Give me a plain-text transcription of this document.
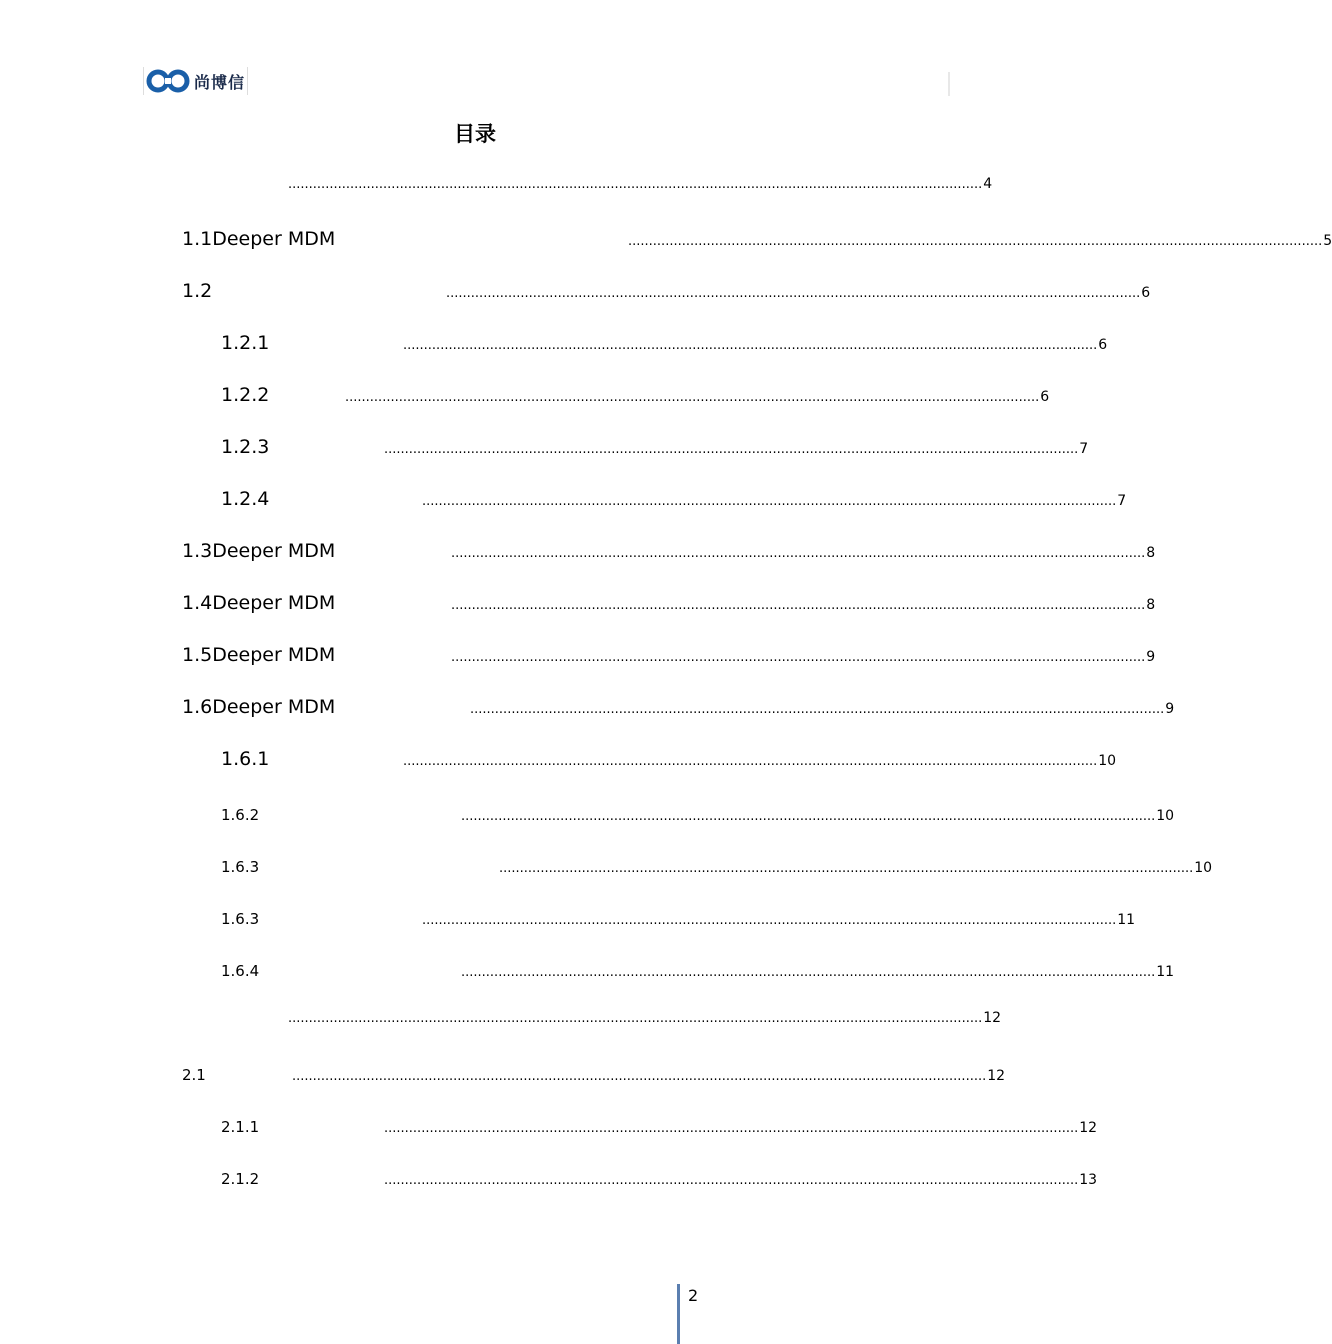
尚博信
目录
........................................................................................................................................................................ 4
1.1Deeper MDM	........................................................................................................................................................................ 5
1.2	........................................................................................................................................................................ 6
1.2.1	........................................................................................................................................................................ 6
1.2.2	........................................................................................................................................................................ 6
1.2.3	........................................................................................................................................................................ 7
1.2.4	........................................................................................................................................................................ 7
1.3Deeper MDM	........................................................................................................................................................................ 8
1.4Deeper MDM	........................................................................................................................................................................ 8
1.5Deeper MDM	........................................................................................................................................................................ 9
1.6Deeper MDM	........................................................................................................................................................................ 9
1.6.1	........................................................................................................................................................................ 10
1.6.2	........................................................................................................................................................................ 10
1.6.3	........................................................................................................................................................................ 10
1.6.3	........................................................................................................................................................................ 11
1.6.4	........................................................................................................................................................................ 11
........................................................................................................................................................................ 12
2.1	........................................................................................................................................................................ 12
2.1.1	........................................................................................................................................................................ 12
2.1.2	........................................................................................................................................................................ 13
2
